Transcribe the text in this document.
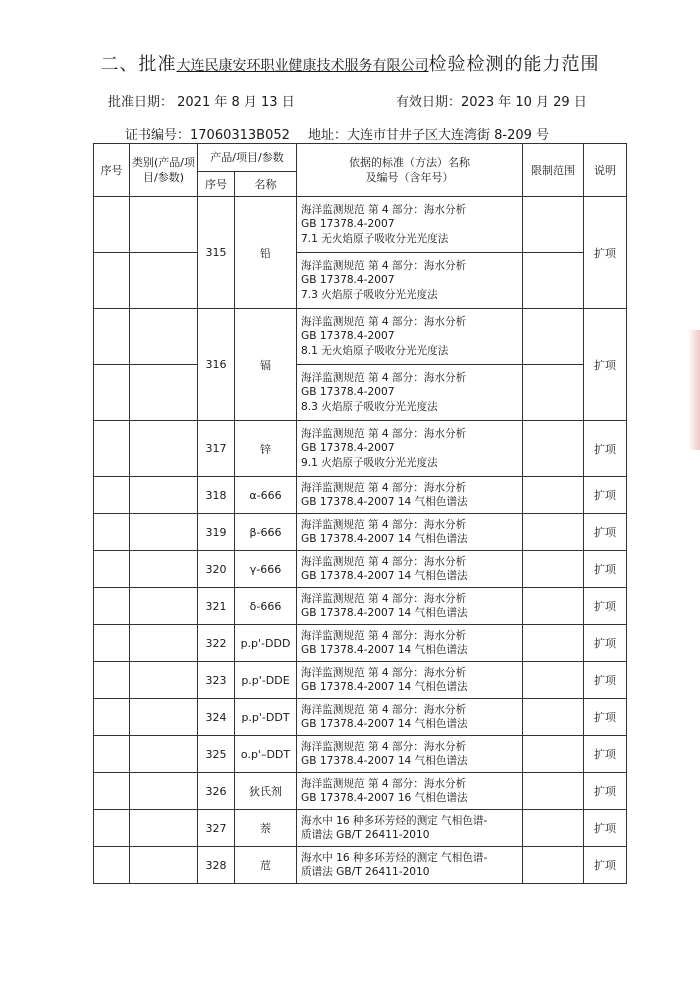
二、批准大连民康安环职业健康技术服务有限公司检验检测的能力范围
批准日期： 2021 年 8 月 13 日	有效日期：2023 年 10 月 29 日
证书编号：17060313B052 地址：大连市甘井子区大连湾街 8-209 号
序号	类别(产品/项目/参数)	产品/项目/参数		依据的标准（方法）名称
及编号（含年号）	限制范围	说明
		序号	名称			
		315	铅	海洋监测规范 第 4 部分：海水分析
GB 17378.4-2007
7.1 无火焰原子吸收分光光度法		扩项

				海洋监测规范 第 4 部分：海水分析
GB 17378.4-2007
7.3 火焰原子吸收分光光度法		

		316	镉	海洋监测规范 第 4 部分：海水分析
GB 17378.4-2007
8.1 无火焰原子吸收分光光度法		扩项

				海洋监测规范 第 4 部分：海水分析
GB 17378.4-2007
8.3 火焰原子吸收分光光度法		

		317	锌	海洋监测规范 第 4 部分：海水分析
GB 17378.4-2007
9.1 火焰原子吸收分光光度法		扩项
		318	α-666	海洋监测规范 第 4 部分：海水分析
GB 17378.4-2007 14 气相色谱法		扩项
		319	β-666	海洋监测规范 第 4 部分：海水分析
GB 17378.4-2007 14 气相色谱法		扩项
		320	γ-666	海洋监测规范 第 4 部分：海水分析
GB 17378.4-2007 14 气相色谱法		扩项
		321	δ-666	海洋监测规范 第 4 部分：海水分析
GB 17378.4-2007 14 气相色谱法		扩项
		322	p.p'-DDD	海洋监测规范 第 4 部分：海水分析
GB 17378.4-2007 14 气相色谱法		扩项
		323	p.p'-DDE	海洋监测规范 第 4 部分：海水分析
GB 17378.4-2007 14 气相色谱法		扩项
		324	p.p'-DDT	海洋监测规范 第 4 部分：海水分析
GB 17378.4-2007 14 气相色谱法		扩项
		325	o.p'–DDT	海洋监测规范 第 4 部分：海水分析
GB 17378.4-2007 14 气相色谱法		扩项
		326	狄氏剂	海洋监测规范 第 4 部分：海水分析
GB 17378.4-2007 16 气相色谱法		扩项
		327	萘	海水中 16 种多环芳烃的测定 气相色谱-
质谱法 GB/T 26411-2010		扩项
		328	苊	海水中 16 种多环芳烃的测定 气相色谱-
质谱法 GB/T 26411-2010		扩项
